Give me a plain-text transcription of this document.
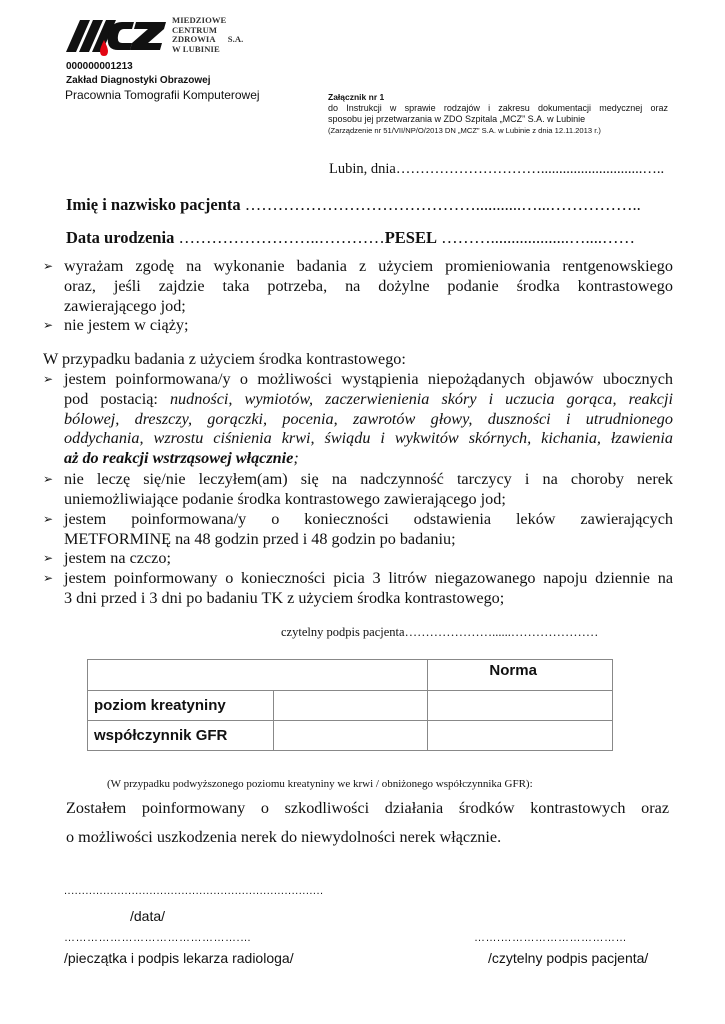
MIEDZIOWE
CENTRUM
ZDROWIA S.A.
W LUBINIE
000000001213
Zakład Diagnostyki Obrazowej
Pracownia Tomografii Komputerowej	Załącznik nr 1
do Instrukcji w sprawie rodzajów i zakresu dokumentacji medycznej oraz
sposobu jej przetwarzania w ZDO Szpitala „MCZ” S.A. w Lubinie
(Zarządzenie nr 51/VII/NP/O/2013 DN „MCZ” S.A. w Lubinie z dnia 12.11.2013 r.)
Lubin, dnia…………………………............................…..
Imię i nazwisko pacjenta ……………………………………...........…...……………..
Data urodzenia ……………………..…………PESEL ………...................…....……
➢ wyrażam zgodę na wykonanie badania z użyciem promieniowania rentgenowskiego
oraz, jeśli zajdzie taka potrzeba, na dożylne podanie środka kontrastowego
zawierającego jod;
➢ nie jestem w ciąży;
W przypadku badania z użyciem środka kontrastowego:
➢ jestem poinformowana/y o możliwości wystąpienia niepożądanych objawów ubocznych
pod postacią: nudności, wymiotów, zaczerwienienia skóry i uczucia gorąca, reakcji
bólowej, dreszczy, gorączki, pocenia, zawrotów głowy, duszności i utrudnionego
oddychania, wzrostu ciśnienia krwi, świądu i wykwitów skórnych, kichania, łzawienia
aż do reakcji wstrząsowej włącznie;
➢ nie leczę się/nie leczyłem(am) się na nadczynność tarczycy i na choroby nerek
uniemożliwiające podanie środka kontrastowego zawierającego jod;
➢ jestem poinformowana/y o konieczności odstawienia leków zawierających
METFORMINĘ na 48 godzin przed i 48 godzin po badaniu;
➢ jestem na czczo;
➢ jestem poinformowany o konieczności picia 3 litrów niegazowanego napoju dziennie na
3 dni przed i 3 dni po badaniu TK z użyciem środka kontrastowego;
czytelny podpis pacjenta…………………......…………………
		Norma
poziom kreatyniny		
współczynnik GFR		
(W przypadku podwyższonego poziomu kreatyniny we krwi / obniżonego współczynnika GFR):
Zostałem poinformowany o szkodliwości działania środków kontrastowych oraz
o możliwości uszkodzenia nerek do niewydolności nerek włącznie.
.........................................................................
/data/
……………………………………….…
/pieczątka i podpis lekarza radiologa/
…….……………………………
/czytelny podpis pacjenta/
